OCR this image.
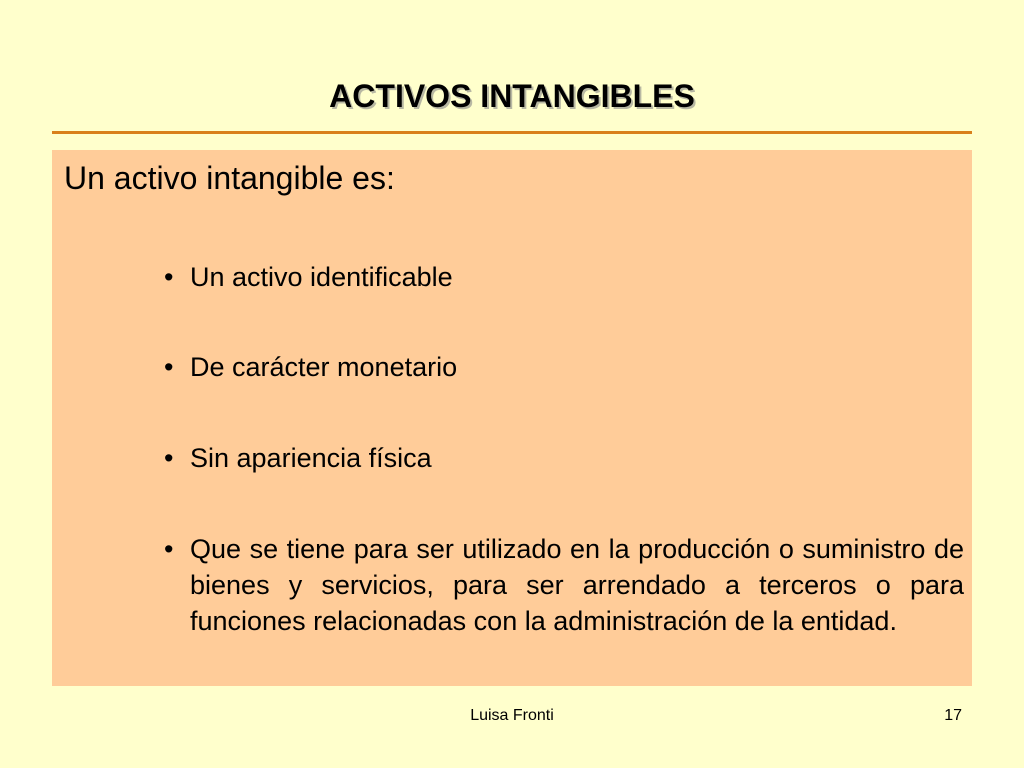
ACTIVOS INTANGIBLES

Un activo intangible es:

• Un activo identificable
• De carácter monetario
• Sin apariencia física
• Que se tiene para ser utilizado en la producción o suministro de bienes y servicios, para ser arrendado a terceros o para funciones relacionadas con la administración de la entidad.
Luisa Fronti	17
